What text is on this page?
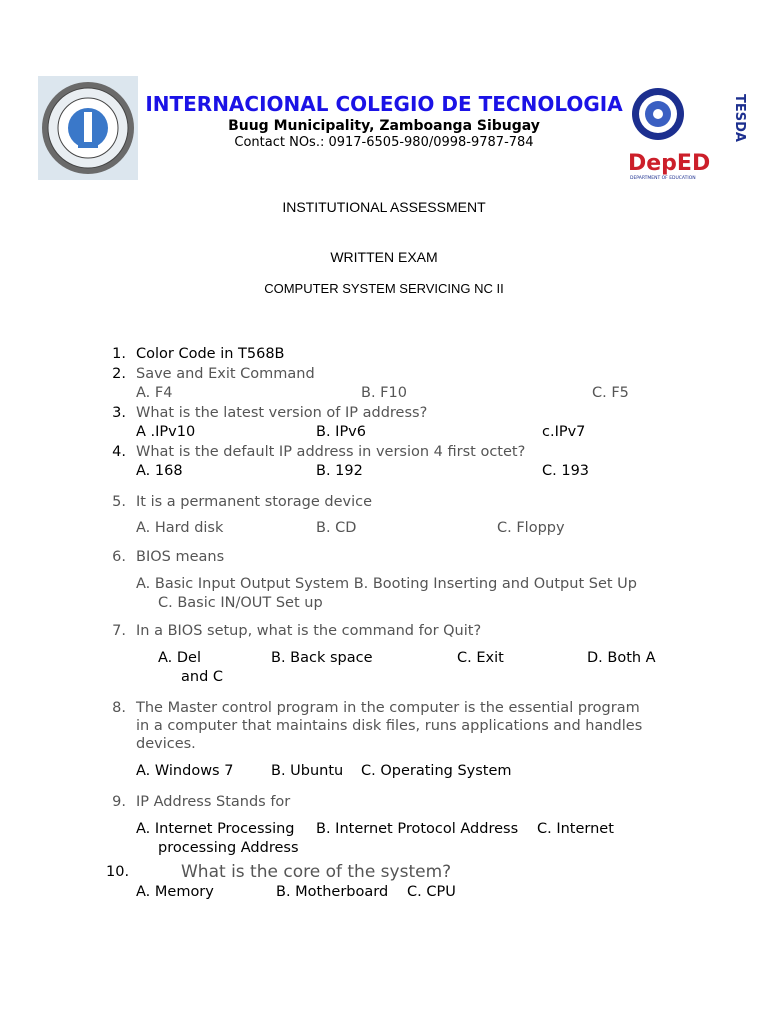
TESDA
DepED
DEPARTMENT OF EDUCATION
INTERNACIONAL COLEGIO DE TECNOLOGIA
Buug Municipality, Zamboanga Sibugay
Contact NOs.: 0917-6505-980/0998-9787-784
INSTITUTIONAL ASSESSMENT
WRITTEN EXAM
COMPUTER SYSTEM SERVICING NC II
1. Color Code in T568B
2. Save and Exit Command
A. F4	B. F10	C. F5
3. What is the latest version of IP address?
A .IPv10	B. IPv6	c.IPv7
4. What is the default IP address in version 4 first octet?
A. 168	B. 192	C. 193
5. It is a permanent storage device
A. Hard disk	B. CD	C. Floppy
6. BIOS means
A. Basic Input Output System B. Booting Inserting and Output Set Up
C. Basic IN/OUT Set up
7. In a BIOS setup, what is the command for Quit?
A. Del	B. Back space	C. Exit	D. Both A
and C
8. The Master control program in the computer is the essential program
in a computer that maintains disk files, runs applications and handles
devices.
A. Windows 7	B. Ubuntu C. Operating System
9. IP Address Stands for
A. Internet Processing B. Internet Protocol Address C. Internet
processing Address
10.	What is the core of the system?
A. Memory	B. Motherboard C. CPU
